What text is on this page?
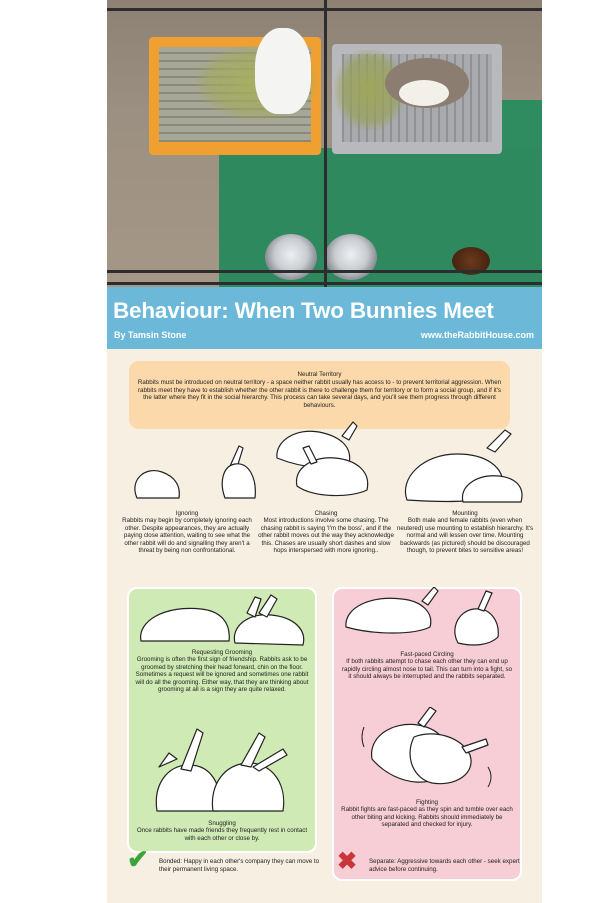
Behaviour: When Two Bunnies Meet
By Tamsin Stone	www.theRabbitHouse.com
Neutral Territory
Rabbits must be introduced on neutral territory - a space neither rabbit usually has access to - to prevent territorial aggression. When rabbits meet they have to establish whether the other rabbit is there to challenge them for territory or to form a social group, and if it's the latter where they fit in the social hierarchy. This process can take several days, and you'll see them progress through different behaviours.
Ignoring
Rabbits may begin by completely ignoring each other. Despite appearances, they are actually paying close attention, waiting to see what the other rabbit will do and signalling they aren't a threat by being non confrontational.
Chasing
Most introductions involve some chasing. The chasing rabbit is saying 'I'm the boss', and if the other rabbit moves out the way they acknowledge this. Chases are usually short dashes and slow hops interspersed with more ignoring..
Mounting
Both male and female rabbits (even when neutered) use mounting to establish hierarchy. It's normal and will lessen over time. Mounting backwards (as pictured) should be discouraged though, to prevent bites to sensitive areas!
Requesting Grooming
Grooming is often the first sign of friendship. Rabbits ask to be groomed by stretching their head forward, chin on the floor. Sometimes a request will be ignored and sometimes one rabbit will do all the grooming. Either way, that they are thinking about grooming at all is a sign they are quite relaxed.
Snuggling
Once rabbits have made friends they frequently rest in contact with each other or close by.
Fast-paced Circling
If both rabbits attempt to chase each other they can end up rapidly circling almost nose to tail. This can turn into a fight, so it should always be interrupted and the rabbits separated.
Fighting
Rabbit fights are fast-paced as they spin and tumble over each other biting and kicking. Rabbits should immediately be separated and checked for injury.
✔ Bonded: Happy in each other's company they can move to their permanent living space.	✖ Separate: Aggressive towards each other - seek expert advice before continuing.
